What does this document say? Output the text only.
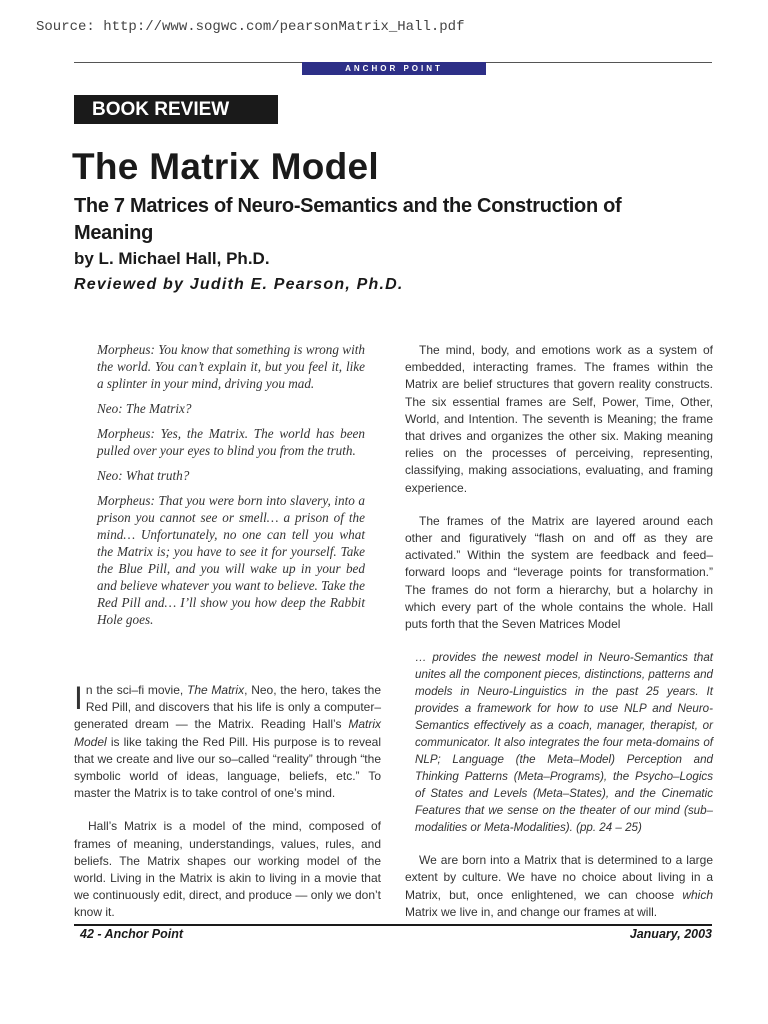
Source: http://www.sogwc.com/pearsonMatrix_Hall.pdf
ANCHOR POINT
BOOK REVIEW
The Matrix Model
The 7 Matrices of Neuro-Semantics and the Construction of Meaning
by L. Michael Hall, Ph.D.
Reviewed by Judith E. Pearson, Ph.D.

Morpheus: You know that something is wrong with the world. You can’t explain it, but you feel it, like a splinter in your mind, driving you mad.

Neo: The Matrix?

Morpheus: Yes, the Matrix. The world has been pulled over your eyes to blind you from the truth.

Neo: What truth?

Morpheus: That you were born into slavery, into a prison you cannot see or smell… a prison of the mind… Unfortunately, no one can tell you what the Matrix is; you have to see it for yourself. Take the Blue Pill, and you will wake up in your bed and believe whatever you want to believe. Take the Red Pill and… I’ll show you how deep the Rabbit Hole goes.

In the sci–fi movie, The Matrix, Neo, the hero, takes the Red Pill, and discovers that his life is only a computer–generated dream — the Matrix. Reading Hall’s Matrix Model is like taking the Red Pill. His purpose is to reveal that we create and live our so–called “reality” through “the symbolic world of ideas, language, beliefs, etc.” To master the Matrix is to take control of one’s mind.

Hall’s Matrix is a model of the mind, composed of frames of meaning, understandings, values, rules, and beliefs. The Matrix shapes our working model of the world. Living in the Matrix is akin to living in a movie that we continuously edit, direct, and produce — only we don’t know it.

The mind, body, and emotions work as a system of embedded, interacting frames. The frames within the Matrix are belief structures that govern reality constructs. The six essential frames are Self, Power, Time, Other, World, and Intention. The seventh is Meaning; the frame that drives and organizes the other six. Making meaning relies on the processes of perceiving, representing, classifying, making associations, evaluating, and framing experience.

The frames of the Matrix are layered around each other and figuratively “flash on and off as they are activated.” Within the system are feedback and feed–forward loops and “leverage points for transformation.” The frames do not form a hierarchy, but a holarchy in which every part of the whole contains the whole. Hall puts forth that the Seven Matrices Model

… provides the newest model in Neuro-Semantics that unites all the component pieces, distinctions, patterns and models in Neuro-Linguistics in the past 25 years. It provides a framework for how to use NLP and Neuro-Semantics effectively as a coach, manager, therapist, or communicator. It also integrates the four meta-domains of NLP; Language (the Meta–Model) Perception and Thinking Patterns (Meta–Programs), the Psycho–Logics of States and Levels (Meta–States), and the Cinematic Features that we sense on the theater of our mind (sub–modalities or Meta-Modalities). (pp. 24 – 25)

We are born into a Matrix that is determined to a large extent by culture. We have no choice about living in a Matrix, but, once enlightened, we can choose which Matrix we live in, and change our frames at will.

42 - Anchor Point	January, 2003
